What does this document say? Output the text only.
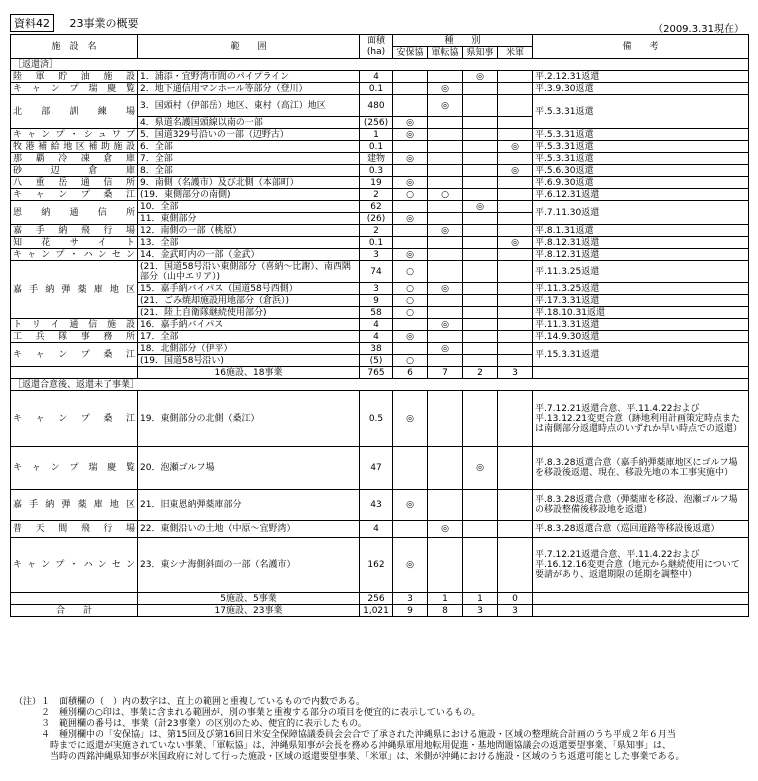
資料42 23事業の概要	（2009.3.31現在）
施　設　名	範　　囲	面積(ha)	種　　別				備　　考
			安保協	軍転協	県知事	米軍	
［返還済］							
陸軍貯油施設	1．浦添・宜野湾市間のパイプライン	4			◎		平.2.12.31返還
キャンプ瑞慶覧	2．地下通信用マンホール等部分（登川）	0.1		◎			平.3.9.30返還
北部訓練場	3．国頭村（伊部岳）地区、東村（高江）地区	480		◎			平.5.3.31返還
	4．県道名護国頭線以南の一部	(256)	◎				
キャンプ・シュワブ	5．国道329号沿いの一部（辺野古）	1	◎				平.5.3.31返還
牧港補給地区補助施設	6．全部	0.1				◎	平.5.3.31返還
那覇冷凍倉庫	7．全部	建物	◎				平.5.3.31返還
砂辺倉庫	8．全部	0.3				◎	平.5.6.30返還
八重岳通信所	9．南側（名護市）及び北側（本部町）	19	◎				平.6.9.30返還
キャンプ桑江	(19．東側部分の南側)	2	○	○			平.6.12.31返還
恩納通信所	10．全部	62			◎		平.7.11.30返還
	11．東側部分	(26)	◎				
嘉手納飛行場	12．南側の一部（桃原）	2		◎			平.8.1.31返還
知花サイト	13．全部	0.1				◎	平.8.12.31返還
キャンプ・ハンセン	14．金武町内の一部（金武）	3	◎				平.8.12.31返還
嘉手納弾薬庫地区	(21．国道58号沿い東側部分（喜納～比謝）、南西隅部分（山中エリア）)	74	○				平.11.3.25返還
	15．嘉手納バイパス（国道58号西側）	3	○	◎			平.11.3.25返還
	(21．ごみ焼却施設用地部分（倉浜）)	9	○				平.17.3.31返還
	(21．陸上自衛隊継続使用部分)	58	○				平.18.10.31返還
トリイ通信施設	16．嘉手納バイパス	4		◎			平.11.3.31返還
工兵隊事務所	17．全部	4	◎				平.14.9.30返還
キャンプ桑江	18．北側部分（伊平）	38		◎			平.15.3.31返還
	(19．国道58号沿い)	(5)	○				
	16施設、18事業	765	6	7	2	3	
［返還合意後、返還未了事業］							
キャンプ桑江	19．東側部分の北側（桑江）	0.5	◎				平.7.12.21返還合意、平.11.4.22および平.13.12.21変更合意（跡地利用計画策定時点または南側部分返還時点のいずれか早い時点での返還）
キャンプ瑞慶覧	20．泡瀬ゴルフ場	47			◎		平.8.3.28返還合意（嘉手納弾薬庫地区にゴルフ場を移設後返還、現在、移設先地の本工事実施中）
嘉手納弾薬庫地区	21．旧東恩納弾薬庫部分	43	◎				平.8.3.28返還合意（弾薬庫を移設、泡瀬ゴルフ場の移設整備後移設地を返還）
普天間飛行場	22．東側沿いの土地（中原～宜野湾）	4		◎			平.8.3.28返還合意（巡回道路等移設後返還）
キャンプ・ハンセン	23．東シナ海側斜面の一部（名護市）	162	◎				平.7.12.21返還合意、平.11.4.22および平.16.12.16変更合意（地元から継続使用について要請があり、返還期限の延期を調整中）
	5施設、5事業	256	3	1	1	0	
合　　計	17施設、23事業	1,021	9	8	3	3	
（注）１　面積欄の（　）内の数字は、直上の範囲と重複しているもので内数である。
　　　２　種別欄の○印は、事業に含まれる範囲が、別の事業と重複する部分の項目を便宜的に表示しているもの。
　　　３　範囲欄の番号は、事業（計23事業）の区別のため、便宜的に表示したもの。
　　　４　種別欄中の「安保協」は、第15回及び第16回日米安全保障協議委員会会合で了承された沖縄県における施設・区域の整理統合計画のうち平成２年６月当
　　　　時までに返還が実施されていない事業、「軍転協」は、沖縄県知事が会長を務める沖縄県軍用地転用促進・基地問題協議会の返還要望事業、「県知事」は、
　　　　当時の西銘沖縄県知事が米国政府に対して行った施設・区域の返還要望事業、「米軍」は、米側が沖縄における施設・区域のうち返還可能とした事業である。
